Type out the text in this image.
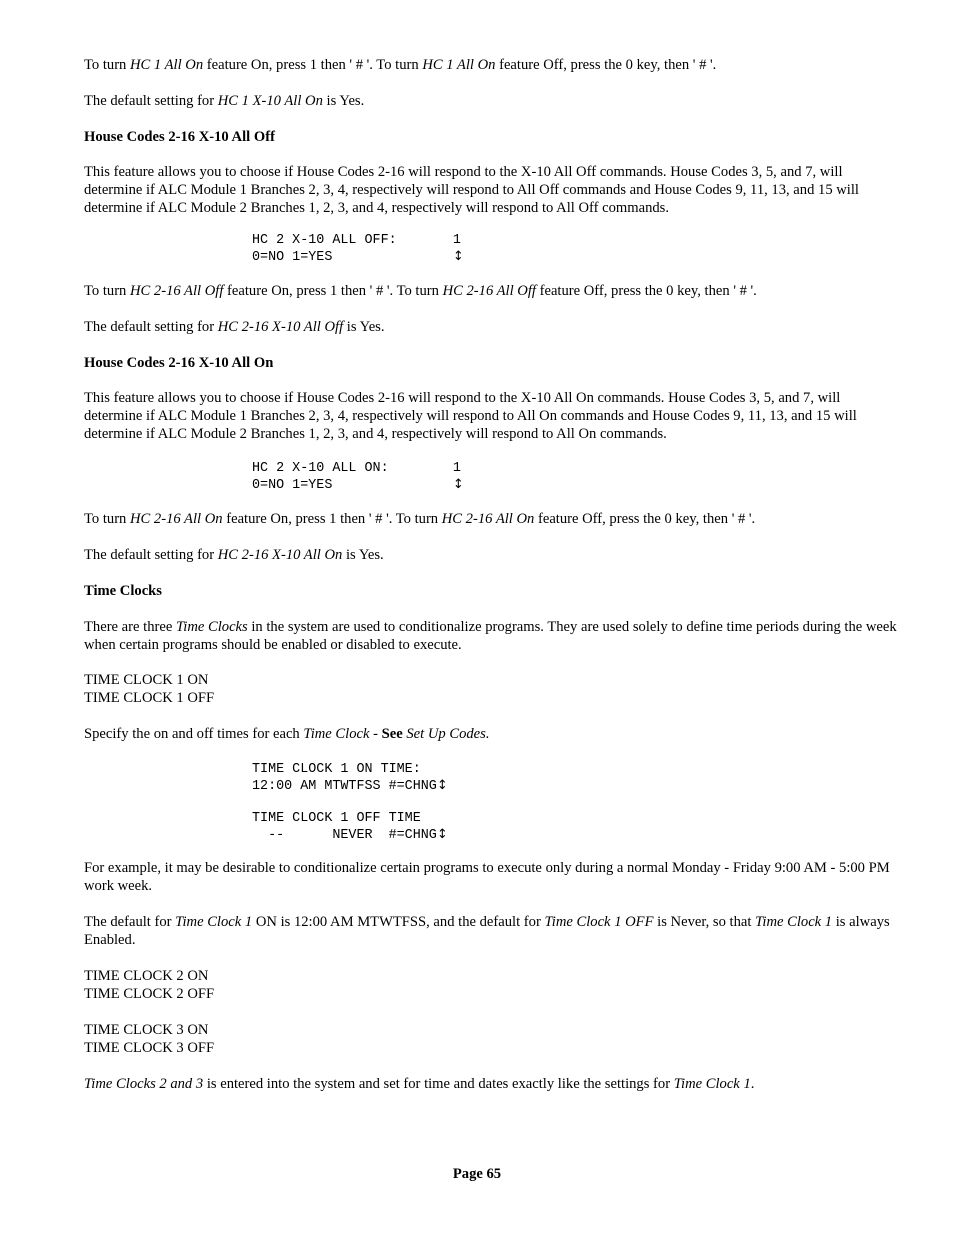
To turn HC 1 All On feature On, press 1 then ' # '. To turn HC 1 All On feature Off, press the 0 key, then ' # '.
The default setting for HC 1 X-10 All On is Yes.
House Codes 2-16 X-10 All Off
This feature allows you to choose if House Codes 2-16 will respond to the X-10 All Off commands. House Codes 3, 5, and 7, will determine if ALC Module 1 Branches 2, 3, 4, respectively will respond to All Off commands and House Codes 9, 11, 13, and 15 will determine if ALC Module 2 Branches 1, 2, 3, and 4, respectively will respond to All Off commands.
HC 2 X-10 ALL OFF:       1
0=NO 1=YES               ↕
To turn HC 2-16 All Off feature On, press 1 then ' # '. To turn HC 2-16 All Off feature Off, press the 0 key, then ' # '.
The default setting for HC 2-16 X-10 All Off is Yes.
House Codes 2-16 X-10 All On
This feature allows you to choose if House Codes 2-16 will respond to the X-10 All On commands. House Codes 3, 5, and 7, will determine if ALC Module 1 Branches 2, 3, 4, respectively will respond to All On commands and House Codes 9, 11, 13, and 15 will determine if ALC Module 2 Branches 1, 2, 3, and 4, respectively will respond to All On commands.
HC 2 X-10 ALL ON:        1
0=NO 1=YES               ↕
To turn HC 2-16 All On feature On, press 1 then ' # '. To turn HC 2-16 All On feature Off, press the 0 key, then ' # '.
The default setting for HC 2-16 X-10 All On is Yes.
Time Clocks
There are three Time Clocks in the system are used to conditionalize programs. They are used solely to define time periods during the week when certain programs should be enabled or disabled to execute.

TIME CLOCK 1 ON

TIME CLOCK 1 OFF

Specify the on and off times for each Time Clock - See Set Up Codes.
TIME CLOCK 1 ON TIME:
12:00 AM MTWTFSS #=CHNG↕
TIME CLOCK 1 OFF TIME
--      NEVER  #=CHNG↕
For example, it may be desirable to conditionalize certain programs to execute only during a normal Monday - Friday 9:00 AM - 5:00 PM work week.
The default for Time Clock 1 ON is 12:00 AM MTWTFSS, and the default for Time Clock 1 OFF is Never, so that Time Clock 1 is always Enabled.

TIME CLOCK 2 ON

TIME CLOCK 2 OFF

TIME CLOCK 3 ON

TIME CLOCK 3 OFF

Time Clocks 2 and 3 is entered into the system and set for time and dates exactly like the settings for Time Clock 1.
Page 65
